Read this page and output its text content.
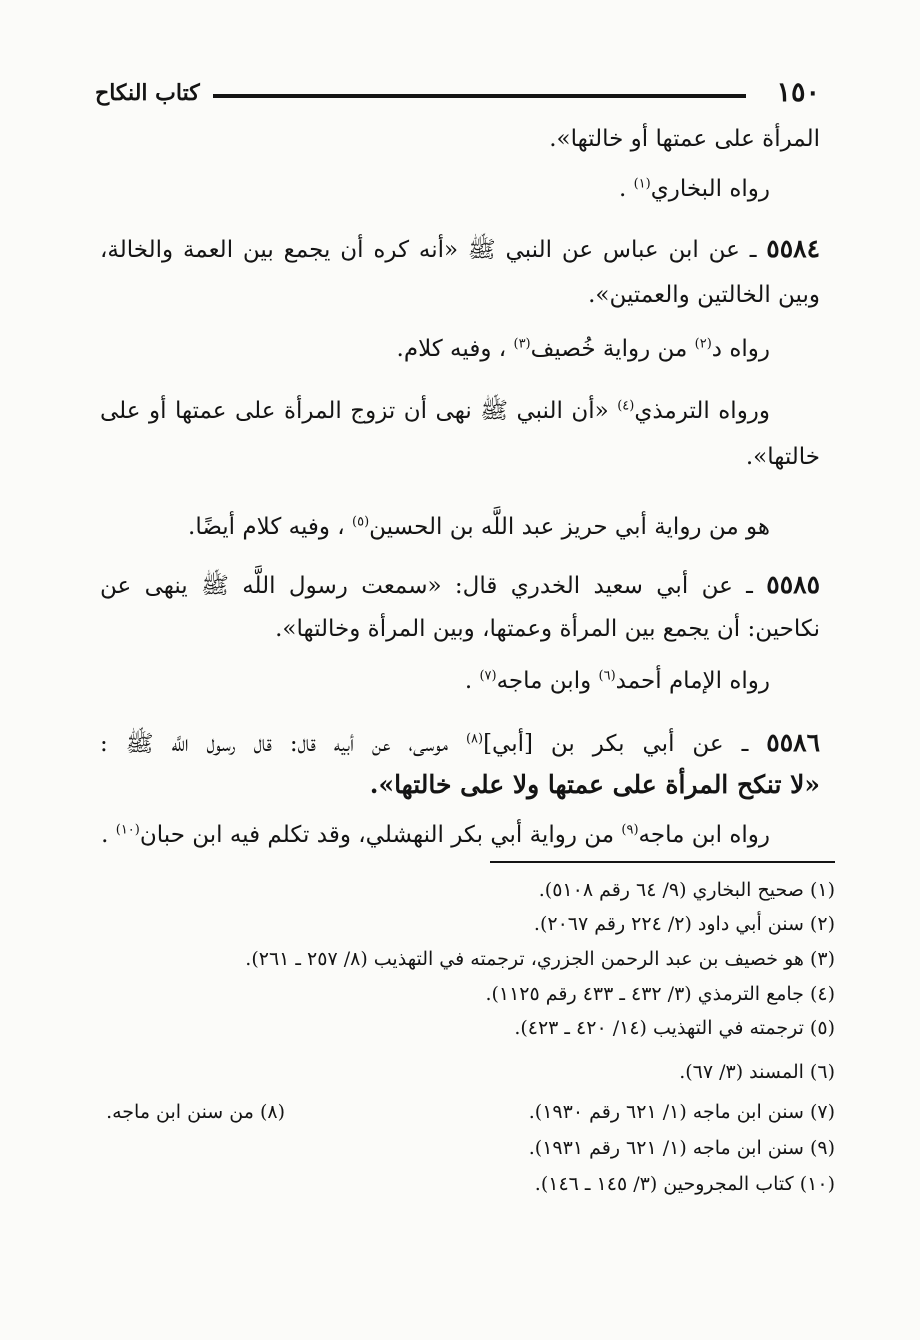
١٥٠
كتاب النكاح
المرأة على عمتها أو خالتها».
رواه البخاري$^{(١)}$ .
٥٥٨٤ ـ عن ابن عباس عن النبي ﷺ «أنه كره أن يجمع بين العمة والخالة،
وبين الخالتين والعمتين».
رواه د$^{(٢)}$ من رواية خُصيف$^{(٣)}$ ، وفيه كلام.
ورواه الترمذي$^{(٤)}$ «أن النبي ﷺ نهى أن تزوج المرأة على عمتها أو على
خالتها».
هو من رواية أبي حريز عبد اللَّه بن الحسين$^{(٥)}$ ، وفيه كلام أيضًا.
٥٥٨٥ ـ عن أبي سعيد الخدري قال: «سمعت رسول اللَّه ﷺ ينهى عن
نكاحين: أن يجمع بين المرأة وعمتها، وبين المرأة وخالتها».
رواه الإمام أحمد$^{(٦)}$ وابن ماجه$^{(٧)}$ .
٥٥٨٦ ـ عن أبي بكر بن [أبي]$^{(٨)}$ موسى، عن أبيه قال: قال رسول اللَّه ﷺ :
«لا تنكح المرأة على عمتها ولا على خالتها».
رواه ابن ماجه$^{(٩)}$ من رواية أبي بكر النهشلي، وقد تكلم فيه ابن حبان$^{(١٠)}$ .
(١) صحيح البخاري (٩/ ٦٤ رقم ٥١٠٨).
(٢) سنن أبي داود (٢/ ٢٢٤ رقم ٢٠٦٧).
(٣) هو خصيف بن عبد الرحمن الجزري، ترجمته في التهذيب (٨/ ٢٥٧ ـ ٢٦١).
(٤) جامع الترمذي (٣/ ٤٣٢ ـ ٤٣٣ رقم ١١٢٥).
(٥) ترجمته في التهذيب (١٤/ ٤٢٠ ـ ٤٢٣).
(٦) المسند (٣/ ٦٧).
(٧) سنن ابن ماجه (١/ ٦٢١ رقم ١٩٣٠).
(٨) من سنن ابن ماجه.
(٩) سنن ابن ماجه (١/ ٦٢١ رقم ١٩٣١).
(١٠) كتاب المجروحين (٣/ ١٤٥ ـ ١٤٦).
